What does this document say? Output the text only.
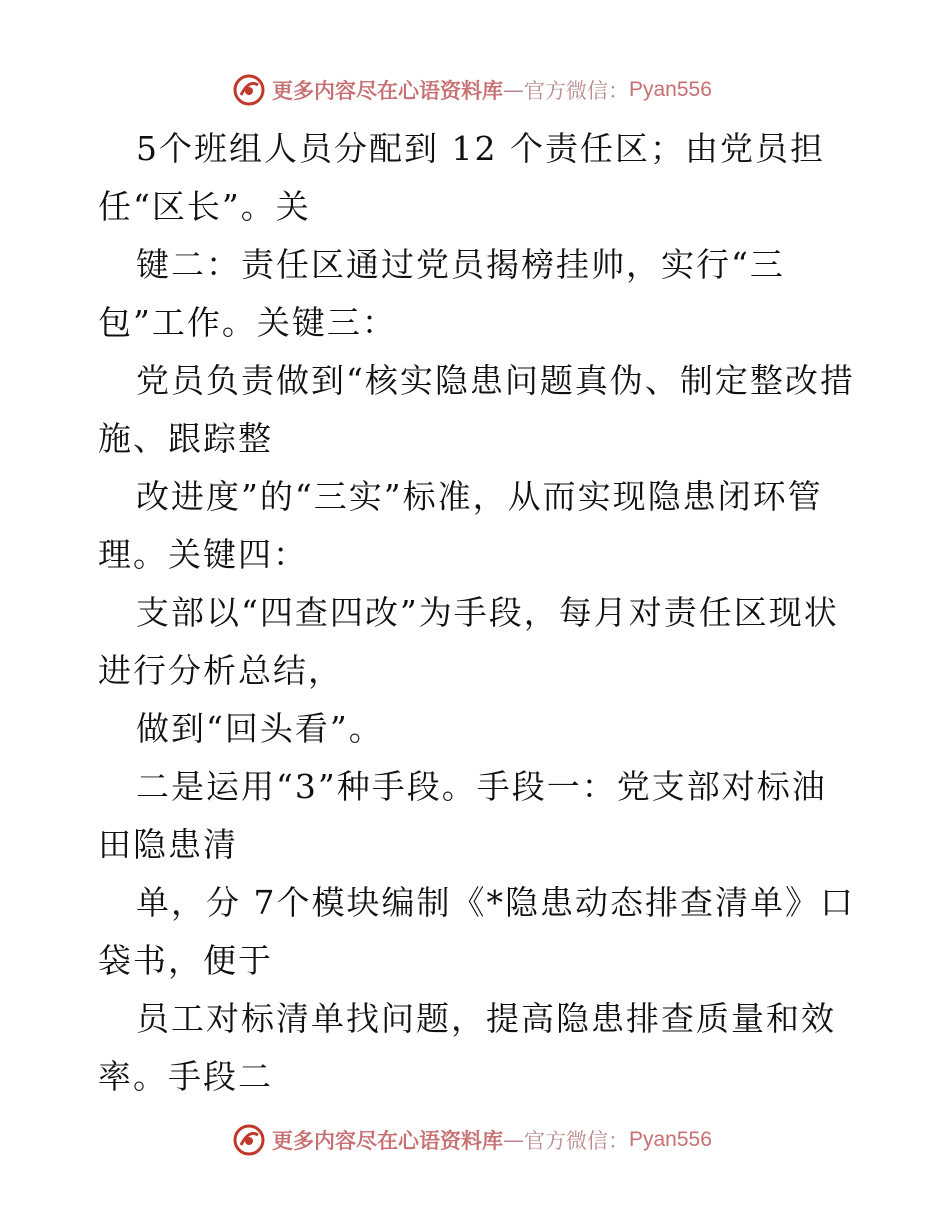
更多内容尽在心语资料库 — 官方微信： Pyan556
5个班组人员分配到 12 个责任区；由党员担
任“区长”。关
键二：责任区通过党员揭榜挂帅，实行“三
包”工作。关键三：
党员负责做到“核实隐患问题真伪、制定整改措
施、跟踪整
改进度”的“三实”标准，从而实现隐患闭环管
理。关键四：
支部以“四查四改”为手段，每月对责任区现状
进行分析总结，
做到“回头看”。
二是运用“3”种手段。手段一：党支部对标油
田隐患清
单，分 7个模块编制《*隐患动态排查清单》口
袋书，便于
员工对标清单找问题，提高隐患排查质量和效
率。手段二
更多内容尽在心语资料库 — 官方微信： Pyan556
